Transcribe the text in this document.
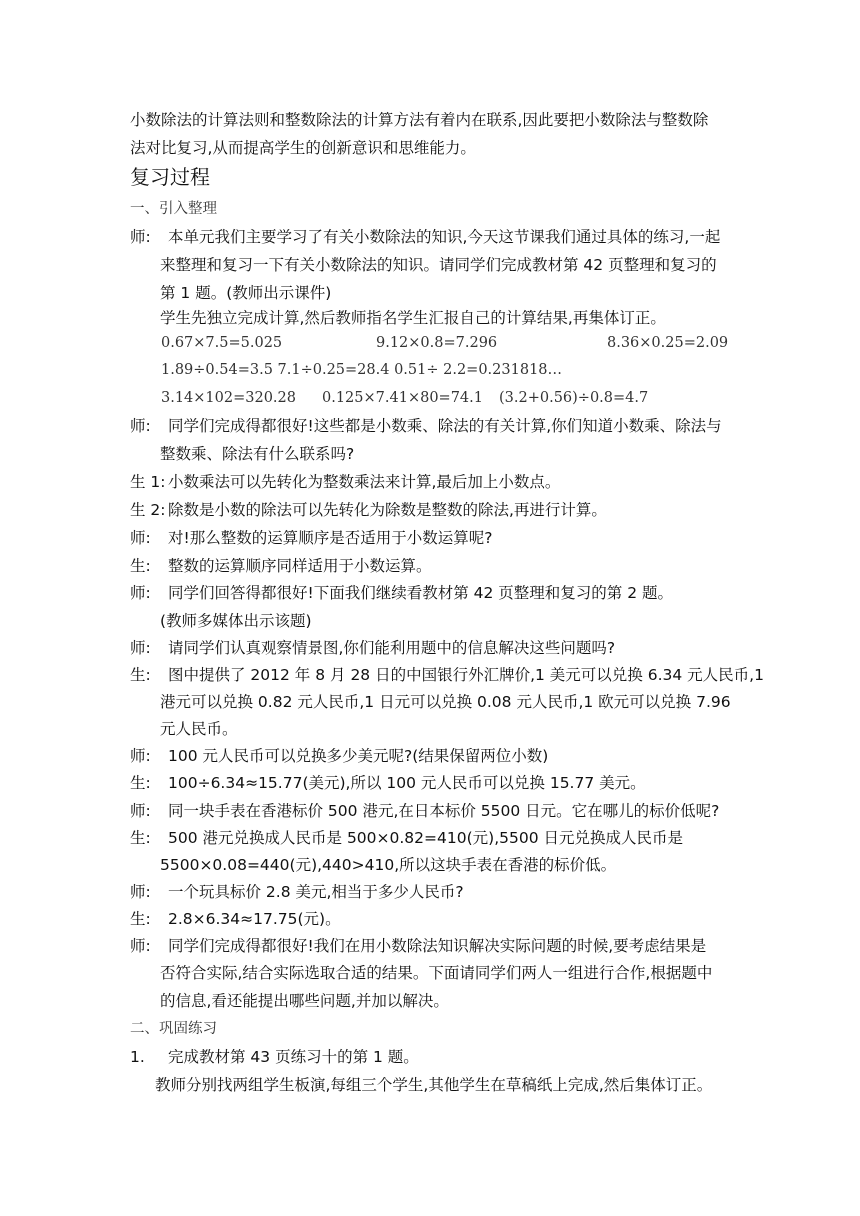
小数除法的计算法则和整数除法的计算方法有着内在联系,因此要把小数除法与整数除
法对比复习,从而提高学生的创新意识和思维能力。
复习过程
一、引入整理
师: 本单元我们主要学习了有关小数除法的知识,今天这节课我们通过具体的练习,一起
来整理和复习一下有关小数除法的知识。请同学们完成教材第 42 页整理和复习的
第 1 题。(教师出示课件)
学生先独立完成计算,然后教师指名学生汇报自己的计算结果,再集体订正。
0.67×7.5=5.025	9.12×0.8=7.296	8.36×0.25=2.09
1.89÷0.54=3.5 7.1÷0.25=28.4 0.51÷ 2.2=0.231818…
3.14×102=320.28 0.125×7.41×80=74.1 (3.2+0.56)÷0.8=4.7
师: 同学们完成得都很好!这些都是小数乘、除法的有关计算,你们知道小数乘、除法与
整数乘、除法有什么联系吗?
生 1: 小数乘法可以先转化为整数乘法来计算,最后加上小数点。
生 2: 除数是小数的除法可以先转化为除数是整数的除法,再进行计算。
师: 对!那么整数的运算顺序是否适用于小数运算呢?
生: 整数的运算顺序同样适用于小数运算。
师: 同学们回答得都很好!下面我们继续看教材第 42 页整理和复习的第 2 题。
(教师多媒体出示该题)
师: 请同学们认真观察情景图,你们能利用题中的信息解决这些问题吗?
生: 图中提供了 2012 年 8 月 28 日的中国银行外汇牌价,1 美元可以兑换 6.34 元人民币,1
港元可以兑换 0.82 元人民币,1 日元可以兑换 0.08 元人民币,1 欧元可以兑换 7.96
元人民币。
师: 100 元人民币可以兑换多少美元呢?(结果保留两位小数)
生: 100÷6.34≈15.77(美元),所以 100 元人民币可以兑换 15.77 美元。
师: 同一块手表在香港标价 500 港元,在日本标价 5500 日元。它在哪儿的标价低呢?
生: 500 港元兑换成人民币是 500×0.82=410(元),5500 日元兑换成人民币是
5500×0.08=440(元),440>410,所以这块手表在香港的标价低。
师: 一个玩具标价 2.8 美元,相当于多少人民币?
生: 2.8×6.34≈17.75(元)。
师: 同学们完成得都很好!我们在用小数除法知识解决实际问题的时候,要考虑结果是
否符合实际,结合实际选取合适的结果。下面请同学们两人一组进行合作,根据题中
的信息,看还能提出哪些问题,并加以解决。
二、巩固练习
1. 完成教材第 43 页练习十的第 1 题。
教师分别找两组学生板演,每组三个学生,其他学生在草稿纸上完成,然后集体订正。
